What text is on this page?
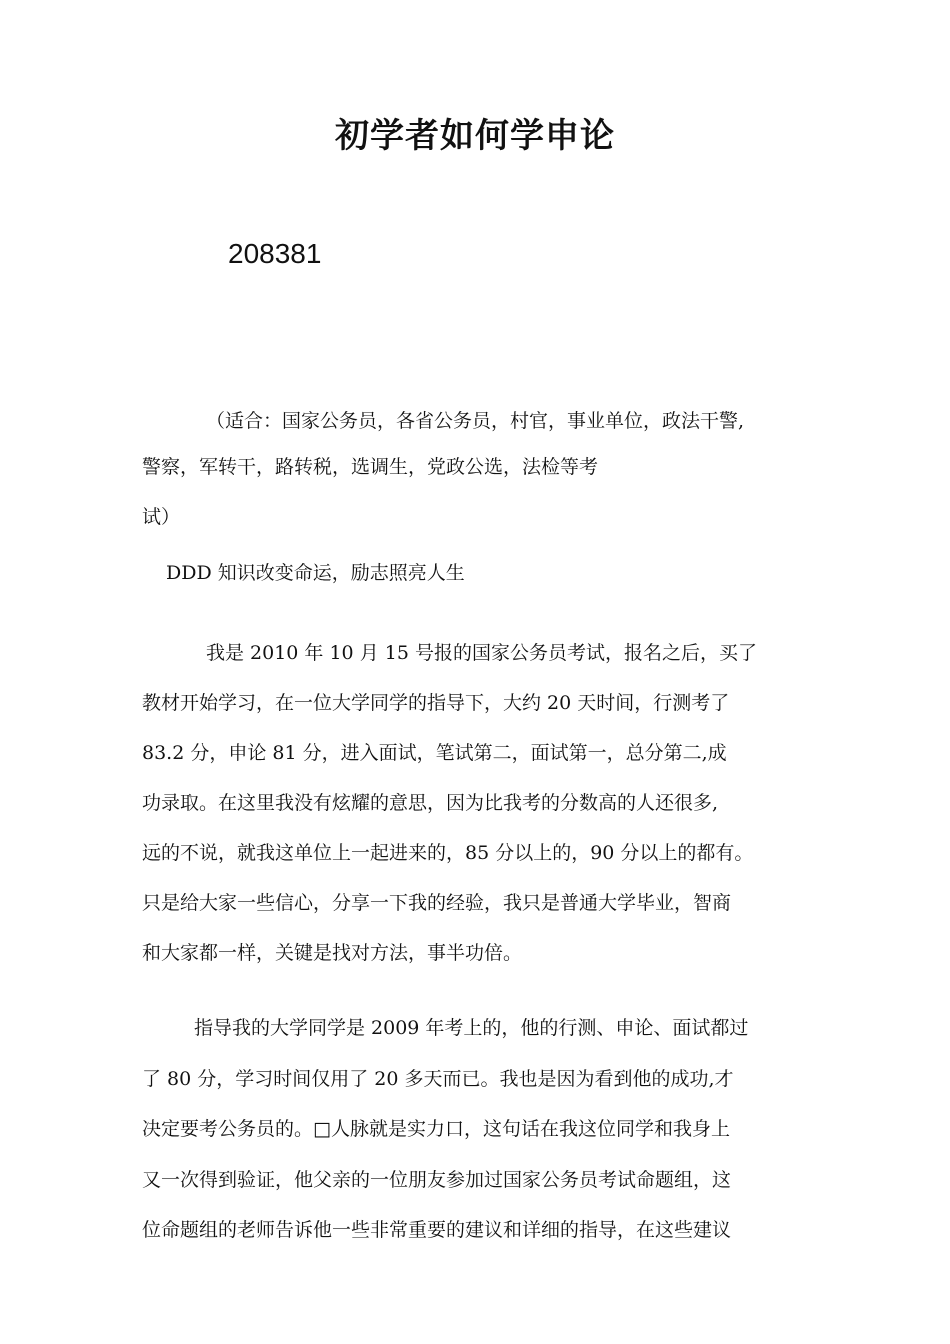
初学者如何学申论
208381

（适合：国家公务员，各省公务员，村官，事业单位，政法干警,
警察，军转干，路转税，选调生，党政公选，法检等考
试）

DDD 知识改变命运，励志照亮人生

我是 2010 年 10 月 15 号报的国家公务员考试，报名之后，买了
教材开始学习，在一位大学同学的指导下，大约 20 天时间，行测考了
83.2 分，申论 81 分，进入面试，笔试第二，面试第一，总分第二,成
功录取。在这里我没有炫耀的意思，因为比我考的分数高的人还很多,
远的不说，就我这单位上一起进来的，85 分以上的，90 分以上的都有。
只是给大家一些信心，分享一下我的经验，我只是普通大学毕业，智商
和大家都一样，关键是找对方法，事半功倍。

指导我的大学同学是 2009 年考上的，他的行测、申论、面试都过
了 80 分，学习时间仅用了 20 多天而已。我也是因为看到他的成功,才
决定要考公务员的。□人脉就是实力口，这句话在我这位同学和我身上
又一次得到验证，他父亲的一位朋友参加过国家公务员考试命题组，这
位命题组的老师告诉他一些非常重要的建议和详细的指导，在这些建议
